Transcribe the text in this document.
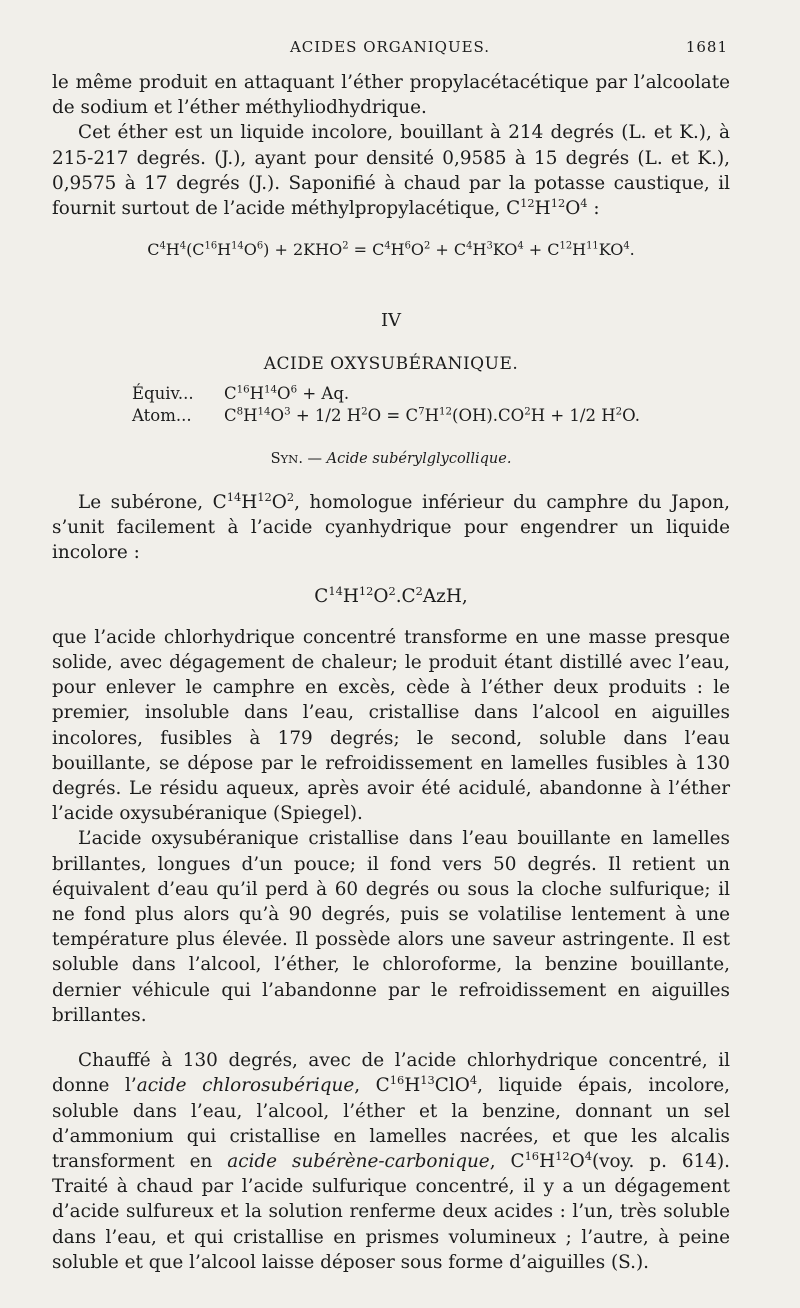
ACIDES ORGANIQUES.	1681

le même produit en attaquant l’éther propylacétacétique par l’alcoolate de sodium et l’éther méthyliodhydrique.

Cet éther est un liquide incolore, bouillant à 214 degrés (L. et K.), à 215-217 degrés. (J.), ayant pour densité 0,9585 à 15 degrés (L. et K.), 0,9575 à 17 degrés (J.). Saponifié à chaud par la potasse caustique, il fournit surtout de l’acide méthylpropylacétique, $C^{12}H^{12}O^4$ :

$C^4H^4(C^{16}H^{14}O^6) + 2KHO^2 = C^4H^6O^2 + C^4H^3KO^4 + C^{12}H^{11}KO^4$.
IV
ACIDE OXYSUBÉRANIQUE.
Équiv...	$C^{16}H^{14}O^6 + Aq$.
Atom...	$C^8H^{14}O^3 + 1/2$ $H^2O = C^7H^{12}(OH).CO^2H + 1/2$ $H^2O$.
SYN. — Acide subérylglycollique.

Le subérone, $C^{14}H^{12}O^2$, homologue inférieur du camphre du Japon, s’unit facilement à l’acide cyanhydrique pour engendrer un liquide incolore :

$C^{14}H^{12}O^2.C^2AzH$,

que l’acide chlorhydrique concentré transforme en une masse presque solide, avec dégagement de chaleur; le produit étant distillé avec l’eau, pour enlever le camphre en excès, cède à l’éther deux produits : le premier, insoluble dans l’eau, cristallise dans l’alcool en aiguilles incolores, fusibles à 179 degrés; le second, soluble dans l’eau bouillante, se dépose par le refroidissement en lamelles fusibles à 130 degrés. Le résidu aqueux, après avoir été acidulé, abandonne à l’éther l’acide oxysubéranique (Spiegel).

L’acide oxysubéranique cristallise dans l’eau bouillante en lamelles brillantes, longues d’un pouce; il fond vers 50 degrés. Il retient un équivalent d’eau qu’il perd à 60 degrés ou sous la cloche sulfurique; il ne fond plus alors qu’à 90 degrés, puis se volatilise lentement à une température plus élevée. Il possède alors une saveur astringente. Il est soluble dans l’alcool, l’éther, le chloroforme, la benzine bouillante, dernier véhicule qui l’abandonne par le refroidissement en aiguilles brillantes.

Chauffé à 130 degrés, avec de l’acide chlorhydrique concentré, il donne l’acide chlorosubérique, $C^{16}H^{13}ClO^4$, liquide épais, incolore, soluble dans l’eau, l’alcool, l’éther et la benzine, donnant un sel d’ammonium qui cristallise en lamelles nacrées, et que les alcalis transforment en acide subérène-carbonique, $C^{16}H^{12}O^4(voy$. p. 614). Traité à chaud par l’acide sulfurique concentré, il y a un dégagement d’acide sulfureux et la solution renferme deux acides : l’un, très soluble dans l’eau, et qui cristallise en prismes volumineux ; l’autre, à peine soluble et que l’alcool laisse déposer sous forme d’aiguilles (S.).
